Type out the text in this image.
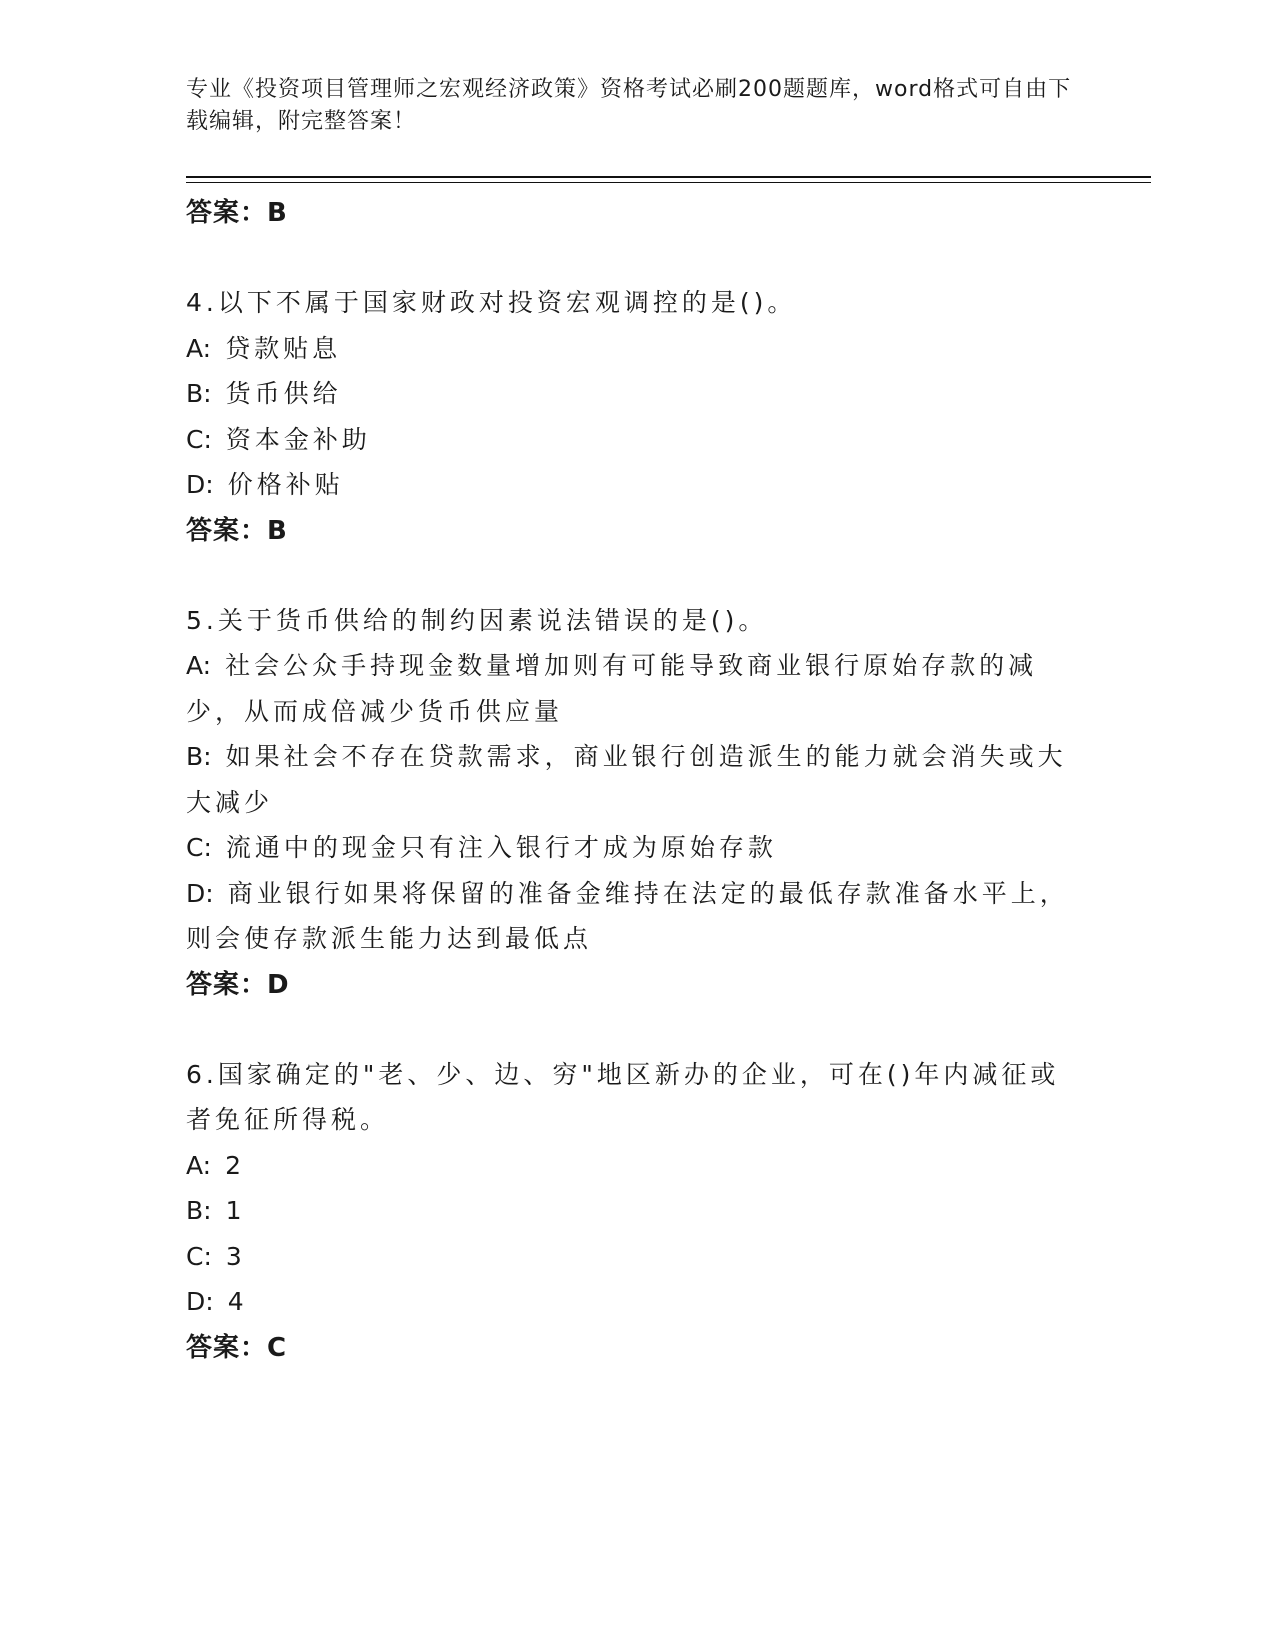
专业《投资项目管理师之宏观经济政策》资格考试必刷200题题库，word格式可自由下载编辑，附完整答案！
答案：B
4.以下不属于国家财政对投资宏观调控的是()。
A: 贷款贴息
B: 货币供给
C: 资本金补助
D: 价格补贴
答案：B
5.关于货币供给的制约因素说法错误的是()。
A: 社会公众手持现金数量增加则有可能导致商业银行原始存款的减少，从而成倍减少货币供应量
B: 如果社会不存在贷款需求，商业银行创造派生的能力就会消失或大大减少
C: 流通中的现金只有注入银行才成为原始存款
D: 商业银行如果将保留的准备金维持在法定的最低存款准备水平上，则会使存款派生能力达到最低点
答案：D
6.国家确定的"老、少、边、穷"地区新办的企业，可在()年内减征或者免征所得税。
A: 2
B: 1
C: 3
D: 4
答案：C
